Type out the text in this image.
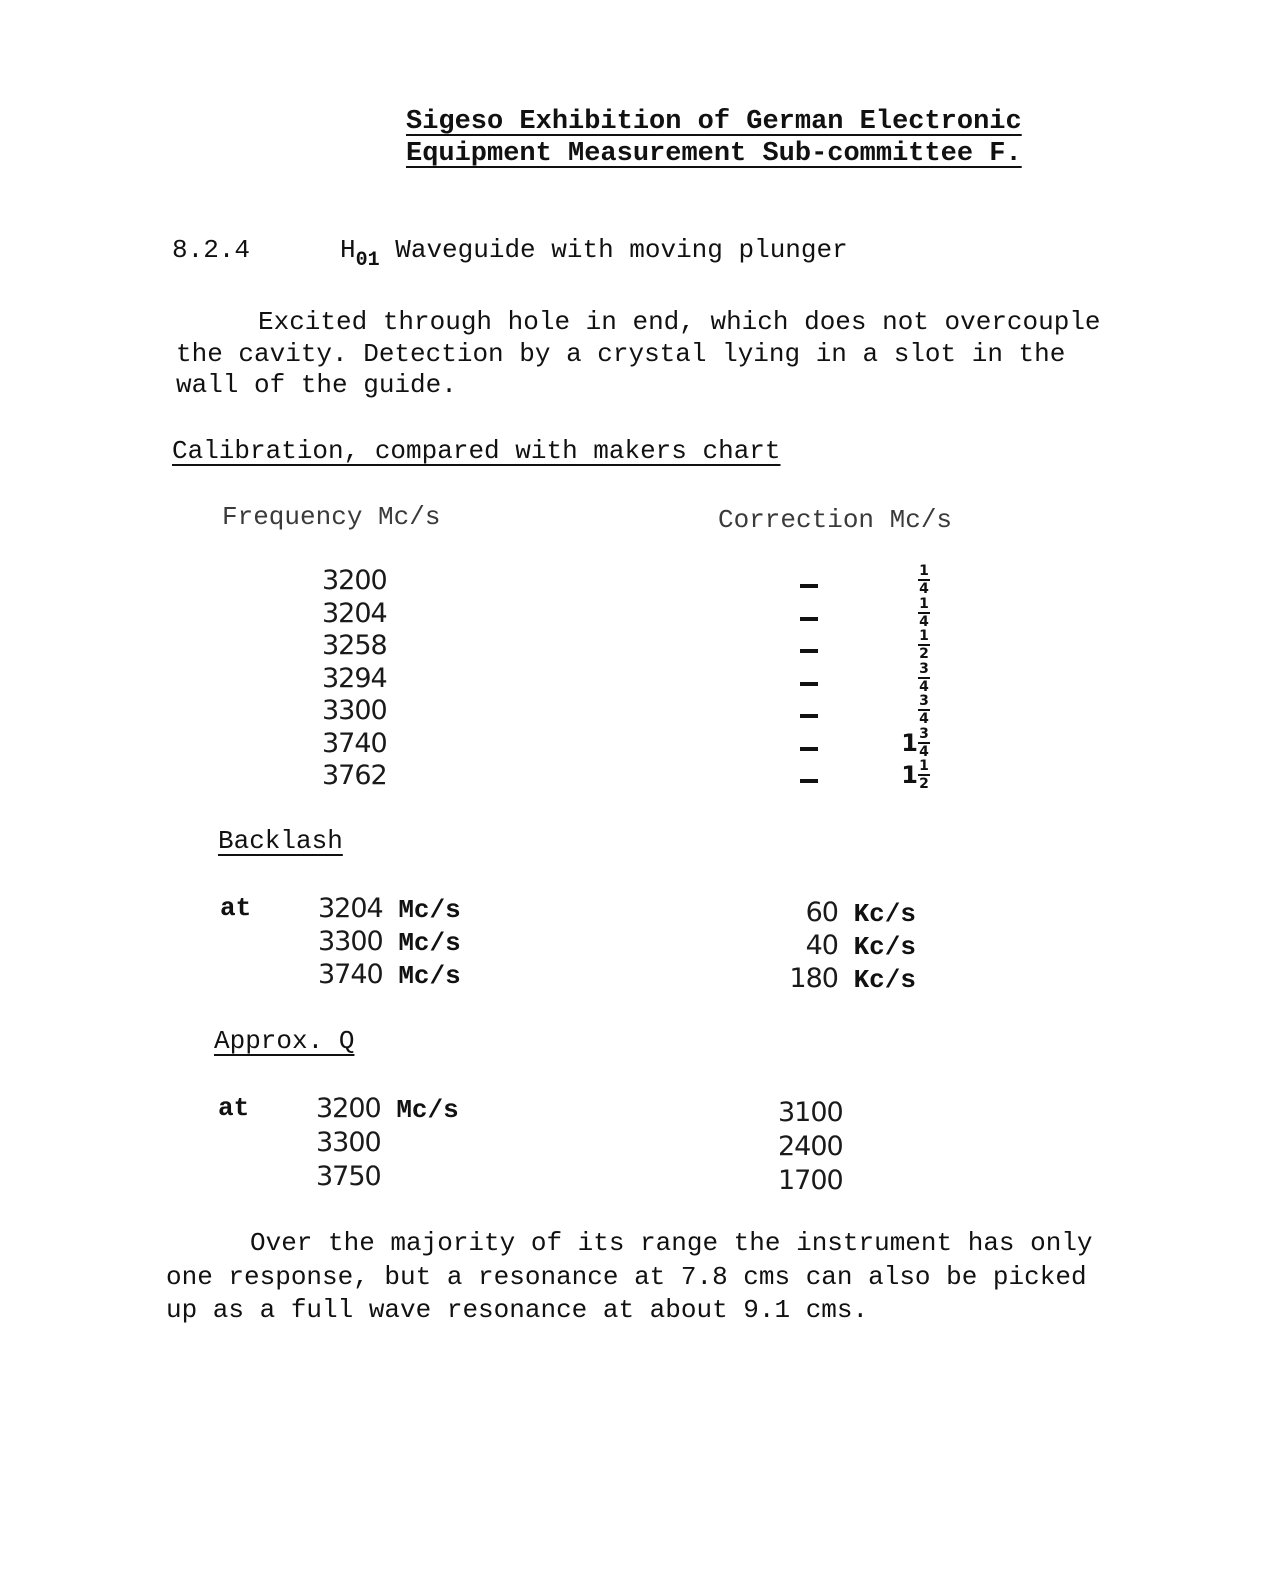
Sigeso Exhibition of German Electronic
Equipment Measurement Sub-committee F.
8.2.4	$H_{01}$ Waveguide with moving plunger
Excited through hole in end, which does not overcouple
the cavity. Detection by a crystal lying in a slot in the
wall of the guide.
Calibration, compared with makers chart
Frequency Mc/s	Correction Mc/s
3200	$\frac{1}{4}$
3204	$\frac{1}{4}$
3258	$\frac{1}{2}$
3294	$\frac{3}{4}$
3300	$\frac{3}{4}$
3740	$1 \frac{3}{4}$
3762	$1 \frac{1}{2}$
Backlash
at 3204 Mc/s	60 Kc/s
3300 Mc/s	40 Kc/s
3740 Mc/s	180 Kc/s
Approx. Q
at 3200 Mc/s	3100
3300	2400
3750	1700
Over the majority of its range the instrument has only
one response, but a resonance at 7.8 cms can also be picked
up as a full wave resonance at about 9.1 cms.
